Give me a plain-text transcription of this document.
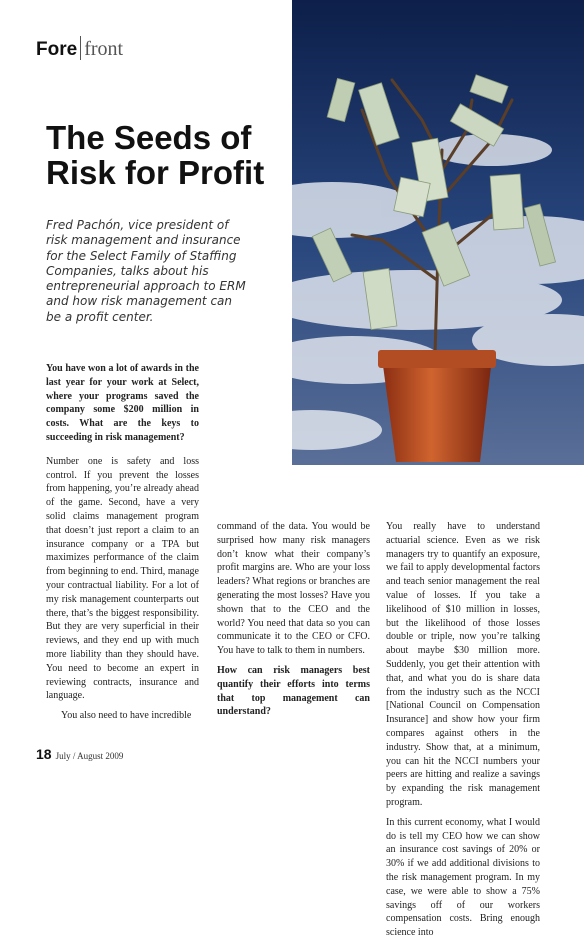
Fore front
The Seeds of
Risk for Profit

Fred Pachón, vice president of risk management and insurance for the Select Family of Staffing Companies, talks about his entrepreneurial approach to ERM and how risk management can be a profit center.

You have won a lot of awards in the last year for your work at Select, where your programs saved the company some $200 million in costs. What are the keys to succeeding in risk management?

Number one is safety and loss control. If you prevent the losses from happening, you’re already ahead of the game. Second, have a very solid claims management program that doesn’t just report a claim to an insurance company or a TPA but maximizes performance of the claim from beginning to end. Third, manage your contractual liability. For a lot of my risk management counterparts out there, that’s the biggest responsibility. But they are very superficial in their reviews, and they end up with much more liability than they should have. You need to become an expert in reviewing contracts, insurance and language.

You also need to have incredible

command of the data. You would be surprised how many risk managers don’t know what their company’s profit margins are. Who are your loss leaders? What regions or branches are generating the most losses? Have you shown that to the CEO and the world? You need that data so you can communicate it to the CEO or CFO. You have to talk to them in numbers.

How can risk managers best quantify their efforts into terms that top management can understand?

You really have to understand actuarial science. Even as we risk managers try to quantify an exposure, we fail to apply developmental factors and teach senior management the real value of losses. If you take a likelihood of $10 million in losses, but the likelihood of those losses double or triple, now you’re talking about maybe $30 million more. Suddenly, you get their attention with that, and what you do is share data from the industry such as the NCCI [National Council on Compensation Insurance] and show how your firm compares against others in the industry. Show that, at a minimum, you can hit the NCCI numbers your peers are hitting and realize a savings by expanding the risk management program.

In this current economy, what I would do is tell my CEO how we can show an insurance cost savings of 20% or 30% if we add additional divisions to the risk management program. In my case, we were able to show a 75% savings off of our workers compensation costs. Bring enough science into

18 July / August 2009
